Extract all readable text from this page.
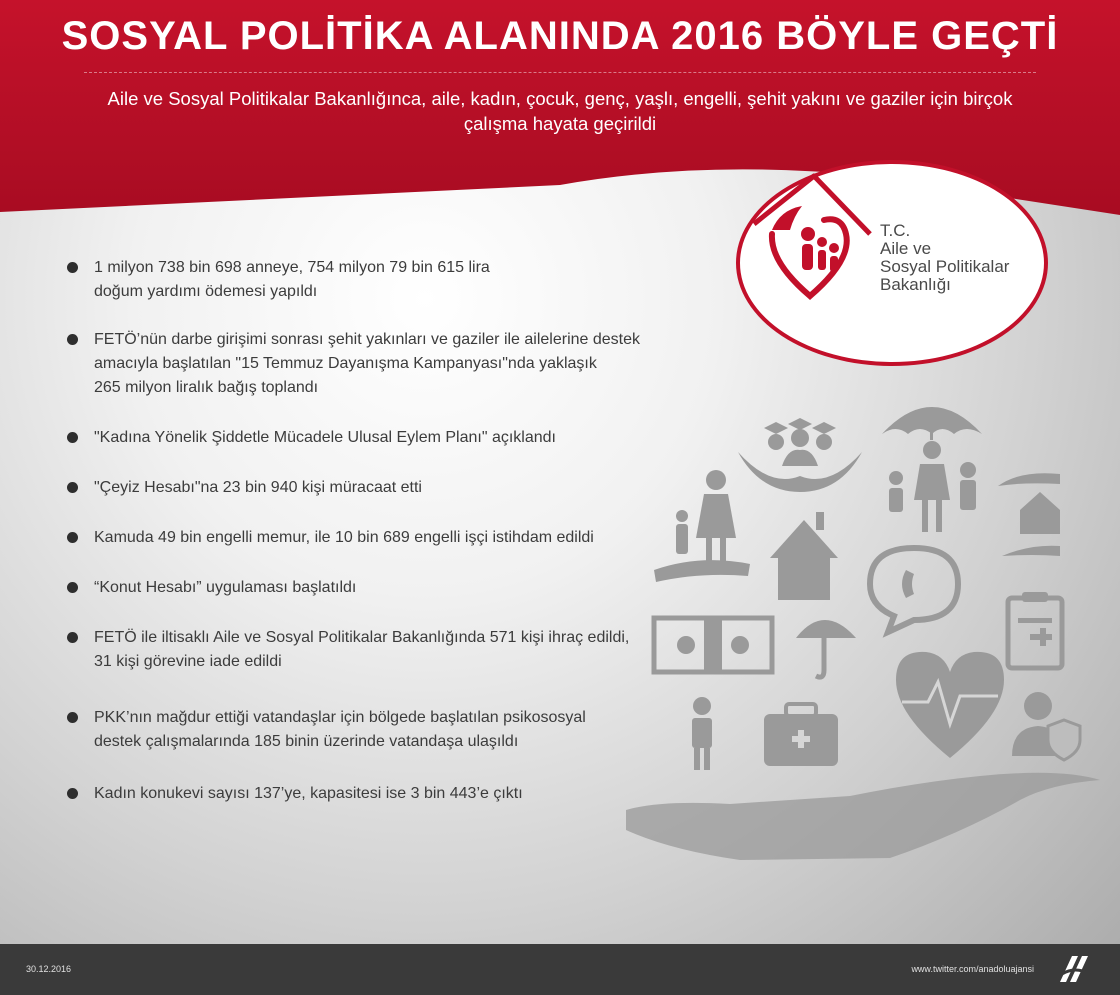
SOSYAL POLİTİKA ALANINDA 2016 BÖYLE GEÇTİ

Aile ve Sosyal Politikalar Bakanlığınca, aile, kadın, çocuk, genç, yaşlı, engelli, şehit yakını ve gaziler için birçok çalışma hayata geçirildi

T.C.
Aile ve
Sosyal Politikalar
Bakanlığı
1 milyon 738 bin 698 anneye, 754 milyon 79 bin 615 lira
doğum yardımı ödemesi yapıldı
FETÖ’nün darbe girişimi sonrası şehit yakınları ve gaziler ile ailelerine destek
amacıyla başlatılan "15 Temmuz Dayanışma Kampanyası"nda yaklaşık
265 milyon liralık bağış toplandı
"Kadına Yönelik Şiddetle Mücadele Ulusal Eylem Planı" açıklandı
"Çeyiz Hesabı"na 23 bin 940 kişi müracaat etti
Kamuda 49 bin engelli memur, ile 10 bin 689 engelli işçi istihdam edildi
“Konut Hesabı” uygulaması başlatıldı
FETÖ ile iltisaklı Aile ve Sosyal Politikalar Bakanlığında 571 kişi ihraç edildi,
31 kişi görevine iade edildi
PKK’nın mağdur ettiği vatandaşlar için bölgede başlatılan psikososyal
destek çalışmalarında 185 binin üzerinde vatandaşa ulaşıldı
Kadın konukevi sayısı 137’ye, kapasitesi ise 3 bin 443’e çıktı
30.12.2016	www.twitter.com/anadoluajansi
